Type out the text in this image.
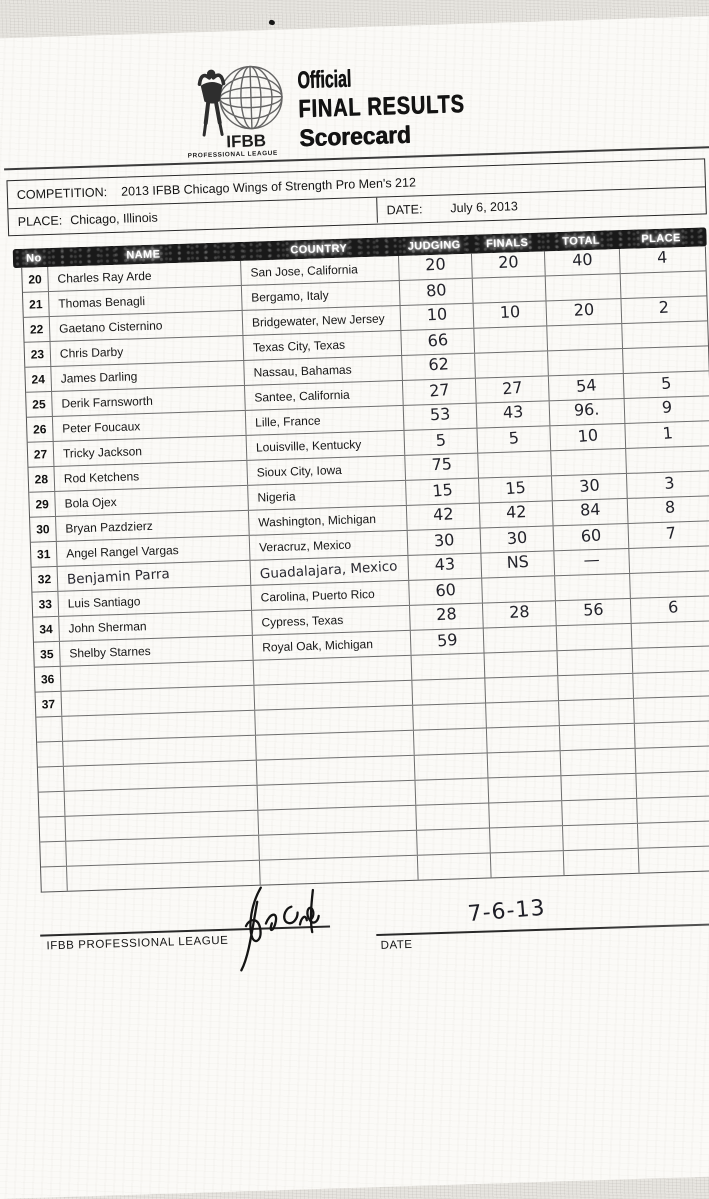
IFBB
PROFESSIONAL LEAGUE
Official
FINAL RESULTS
Scorecard
COMPETITION: 2013 IFBB Chicago Wings of Strength Pro Men's 212
PLACE: Chicago, Illinois
DATE: July 6, 2013
No	NAME	COUNTRY	JUDGING	FINALS	TOTAL	PLACE
20	Charles Ray Arde	San Jose, California	20	20	40	4
21	Thomas Benagli	Bergamo, Italy	80
22	Gaetano Cisternino	Bridgewater, New Jersey	10	10	20	2
23	Chris Darby	Texas City, Texas	66
24	James Darling	Nassau, Bahamas	62
25	Derik Farnsworth	Santee, California	27	27	54	5
26	Peter Foucaux	Lille, France	53	43	96.	9
27	Tricky Jackson	Louisville, Kentucky	5	5	10	1
28	Rod Ketchens	Sioux City, Iowa	75
29	Bola Ojex	Nigeria	15	15	30	3
30	Bryan Pazdzierz	Washington, Michigan	42	42	84	8
31	Angel Rangel Vargas	Veracruz, Mexico	30	30	60	7
32	Benjamin Parra	Guadalajara, Mexico	43	NS	—
33	Luis Santiago	Carolina, Puerto Rico	60
34	John Sherman	Cypress, Texas	28	28	56	6
35	Shelby Starnes	Royal Oak, Michigan	59
36
37
IFBB PROFESSIONAL LEAGUE	DATE
7-6-13
